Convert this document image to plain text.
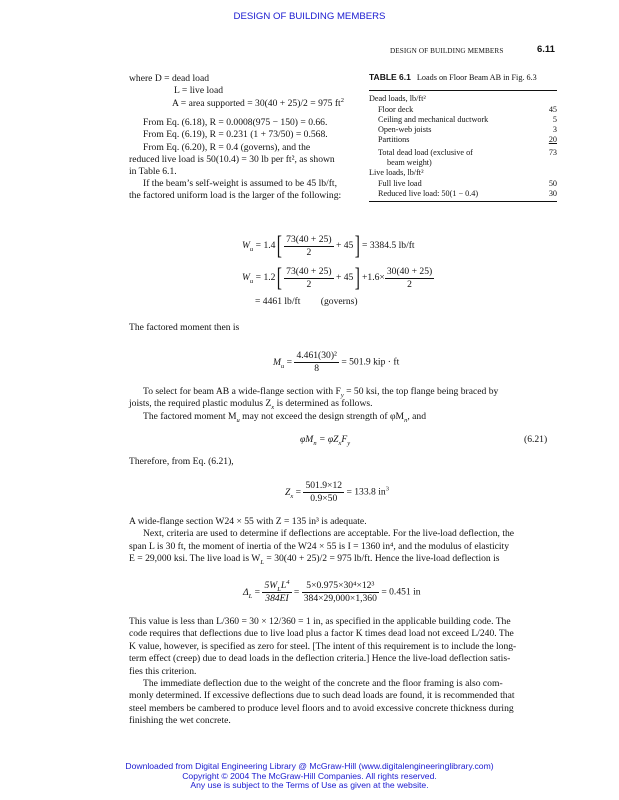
DESIGN OF BUILDING MEMBERS
DESIGN OF BUILDING MEMBERS	6.11
where D = dead load
L = live load
A = area supported = 30(40 + 25)/2 = 975 $ft^2$
From Eq. (6.18), R = 0.0008(975 − 150) = 0.66.
From Eq. (6.19), R = 0.231 (1 + 73/50) = 0.568.
From Eq. (6.20), R = 0.4 (governs), and the
reduced live load is 50(10.4) = 30 lb per ft², as shown
in Table 6.1.
If the beam’s self-weight is assumed to be 45 lb/ft,
the factored uniform load is the larger of the following:
TABLE 6.1 Loads on Floor Beam AB in Fig. 6.3
Dead loads, lb/ft²
Floor deck	45
Ceiling and mechanical ductwork	5
Open-web joists	3
Partitions	20
Total dead load (exclusive of	73
beam weight)
Live loads, lb/ft²
Full live load	50
Reduced live load: 50(1 − 0.4)	30
$W_u = 1.4[ \frac{73(40 + 25)}{2} + 45] = 3384.5$ lb/ft
$W_u = 1.2[ \frac{73(40 + 25)}{2} + 45] +1.6\times \frac{30(40 + 25)}{2}$
= 4461 lb/ft (governs)
The factored moment then is
$M_u = \frac{\text{4.461(30)²}}{8} = 501.9$ kip · ft
To select for beam AB a wide-flange section with $F_y = 50$ ksi, the top flange being braced by
joists, the required plastic modulus $Z_x$ is determined as follows.
The factored moment $M_u$ may not exceed the design strength of $\varphi M_n$, and
$\varphi M_n = \varphi Z_xF_y$	(6.21)
Therefore, from Eq. (6.21),
$Z_x = \frac{501.9\times 12}{0.9\times 50} = 133.8$ $in^3$
A wide-flange section W24 × 55 with Z = 135 in³ is adequate.
Next, criteria are used to determine if deflections are acceptable. For the live-load deflection, the
span L is 30 ft, the moment of inertia of the W24 × 55 is I = 1360 in⁴, and the modulus of elasticity
E = 29,000 ksi. The live load is $W_L = 30(40 + 25)/2 = 975$ lb/ft. Hence the live-load deflection is
$\Delta_L = \frac{5W_LL^4}{384EI} = \frac{\text{5×0.975×30⁴×12³}}{384\times 29,000\times 1,360} = 0.451$ in
This value is less than L/360 = 30 × 12/360 = 1 in, as specified in the applicable building code. The
code requires that deflections due to live load plus a factor K times dead load not exceed L/240. The
K value, however, is specified as zero for steel. [The intent of this requirement is to include the long-
term effect (creep) due to dead loads in the deflection criteria.] Hence the live-load deflection satis-
fies this criterion.
The immediate deflection due to the weight of the concrete and the floor framing is also com-
monly determined. If excessive deflections due to such dead loads are found, it is recommended that
steel members be cambered to produce level floors and to avoid excessive concrete thickness during
finishing the wet concrete.
Downloaded from Digital Engineering Library @ McGraw-Hill (www.digitalengineeringlibrary.com)
Copyright © 2004 The McGraw-Hill Companies. All rights reserved.
Any use is subject to the Terms of Use as given at the website.
